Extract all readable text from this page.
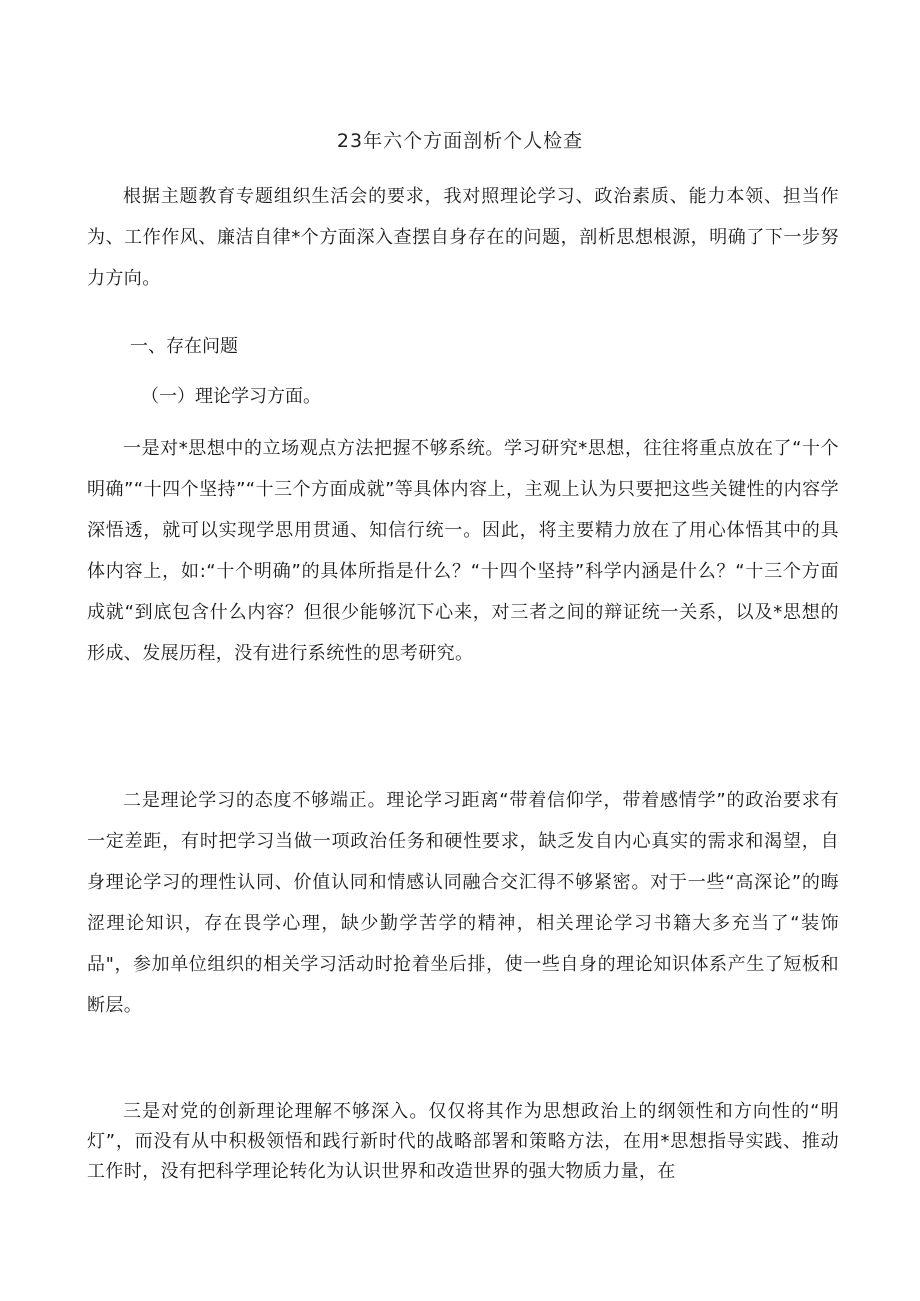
23年六个方面剖析个人检查
根据主题教育专题组织生活会的要求，我对照理论学习、政治素质、能力本领、担当作为、工作作风、廉洁自律*个方面深入查摆自身存在的问题，剖析思想根源，明确了下一步努力方向。
一、存在问题
（一）理论学习方面。
一是对*思想中的立场观点方法把握不够系统。学习研究*思想，往往将重点放在了“十个明确”“十四个坚持”“十三个方面成就”等具体内容上，主观上认为只要把这些关键性的内容学深悟透，就可以实现学思用贯通、知信行统一。因此，将主要精力放在了用心体悟其中的具体内容上，如:“十个明确”的具体所指是什么？“十四个坚持”科学内涵是什么？“十三个方面成就“到底包含什么内容？但很少能够沉下心来，对三者之间的辩证统一关系，以及*思想的形成、发展历程，没有进行系统性的思考研究。
二是理论学习的态度不够端正。理论学习距离“带着信仰学，带着感情学”的政治要求有一定差距，有时把学习当做一项政治任务和硬性要求，缺乏发自内心真实的需求和渴望，自身理论学习的理性认同、价值认同和情感认同融合交汇得不够紧密。对于一些“高深论”的晦涩理论知识，存在畏学心理，缺少勤学苦学的精神，相关理论学习书籍大多充当了“装饰品"，参加单位组织的相关学习活动时抢着坐后排，使一些自身的理论知识体系产生了短板和断层。
三是对党的创新理论理解不够深入。仅仅将其作为思想政治上的纲领性和方向性的“明灯”，而没有从中积极领悟和践行新时代的战略部署和策略方法，在用*思想指导实践、推动工作时，没有把科学理论转化为认识世界和改造世界的强大物质力量，在
